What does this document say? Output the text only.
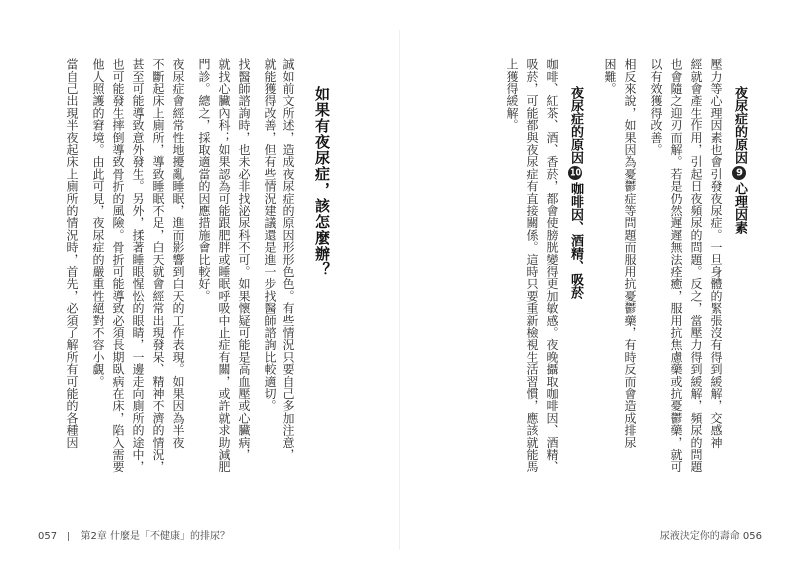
如果有夜尿症，該怎麼辦？
誠如前文所述，造成夜尿症的原因形形色色。有些情況只要自己多加注意，
就能獲得改善，但有些情況建議還是進一步找醫師諮詢比較適切。
找醫師諮詢時，也未必非找泌尿科不可。如果懷疑可能是高血壓或心臟病，
就找心臟內科；如果認為可能跟肥胖或睡眠呼吸中止症有關，或許就求助減肥
門診。總之，採取適當的因應措施會比較好。
夜尿症會經常性地擾亂睡眠，進而影響到白天的工作表現。如果因為半夜
不斷起床上廁所，導致睡眠不足，白天就會經常出現發呆、精神不濟的情況，
甚至可能導致意外發生。另外，揉著睡眼惺忪的眼睛，一邊走向廁所的途中，
也可能發生摔倒導致骨折的風險。骨折可能導致必須長期臥病在床，陷入需要
他人照護的窘境。由此可見，夜尿症的嚴重性絕對不容小覷。
當自己出現半夜起床上廁所的情況時，首先，必須了解所有可能的各種因
057 第2章 什麼是「不健康」的排尿？
夜尿症的原因9心理因素
壓力等心理因素也會引發夜尿症。一旦身體的緊張沒有得到緩解，交感神
經就會產生作用，引起日夜頻尿的問題。反之，當壓力得到緩解，頻尿的問題
也會隨之迎刃而解。若是仍然遲遲無法痊癒，服用抗焦慮藥或抗憂鬱藥，就可
以有效獲得改善。
相反來說，如果因為憂鬱症等問題而服用抗憂鬱藥，有時反而會造成排尿
困難。
夜尿症的原因10咖啡因、酒精、吸菸
咖啡、紅茶、酒、香菸，都會使膀胱變得更加敏感。夜晚攝取咖啡因、酒精、
吸菸，可能都與夜尿症有直接關係。這時只要重新檢視生活習慣，應該就能馬
上獲得緩解。
尿液決定你的壽命 056
